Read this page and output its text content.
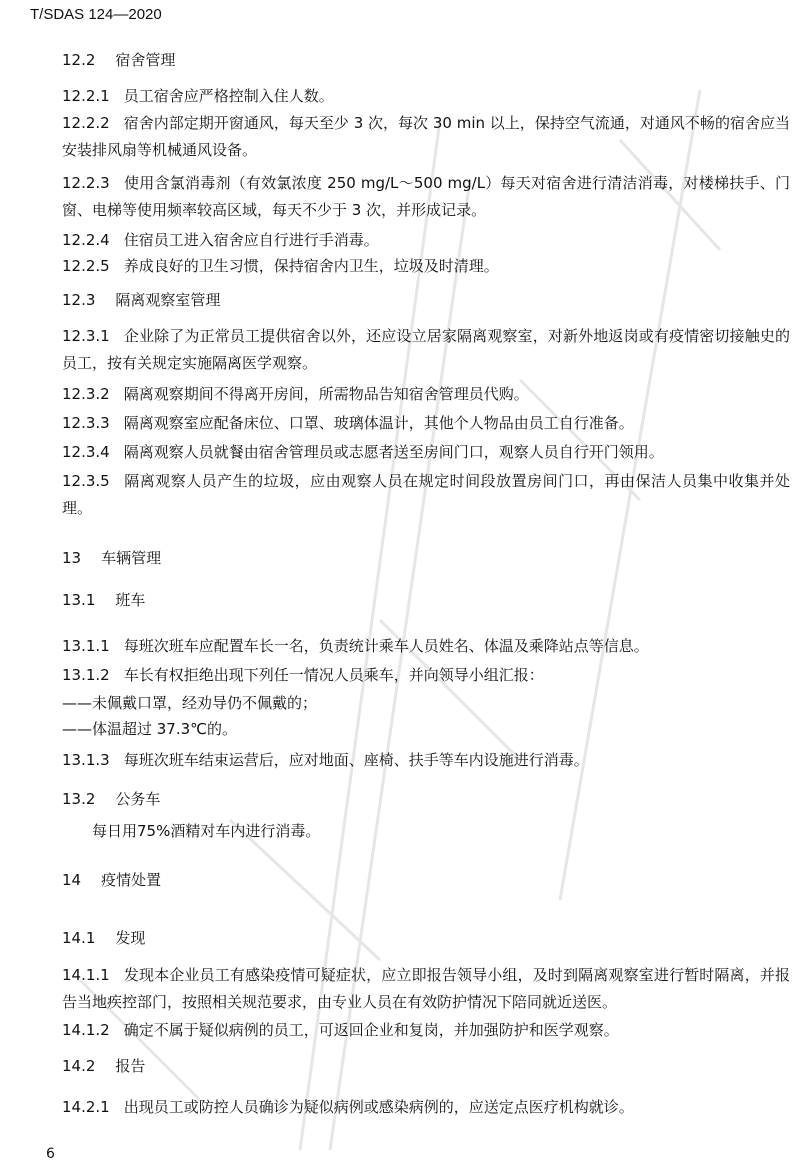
T/SDAS 124—2020
12.2 宿舍管理
12.2.1 员工宿舍应严格控制入住人数。
12.2.2 宿舍内部定期开窗通风，每天至少 3 次，每次 30 min 以上，保持空气流通，对通风不畅的宿舍应当安装排风扇等机械通风设备。
12.2.3 使用含氯消毒剂（有效氯浓度 250 mg/L～500 mg/L）每天对宿舍进行清洁消毒，对楼梯扶手、门窗、电梯等使用频率较高区域，每天不少于 3 次，并形成记录。
12.2.4 住宿员工进入宿舍应自行进行手消毒。
12.2.5 养成良好的卫生习惯，保持宿舍内卫生，垃圾及时清理。
12.3 隔离观察室管理
12.3.1 企业除了为正常员工提供宿舍以外，还应设立居家隔离观察室，对新外地返岗或有疫情密切接触史的员工，按有关规定实施隔离医学观察。
12.3.2 隔离观察期间不得离开房间，所需物品告知宿舍管理员代购。
12.3.3 隔离观察室应配备床位、口罩、玻璃体温计，其他个人物品由员工自行准备。
12.3.4 隔离观察人员就餐由宿舍管理员或志愿者送至房间门口，观察人员自行开门领用。
12.3.5 隔离观察人员产生的垃圾，应由观察人员在规定时间段放置房间门口，再由保洁人员集中收集并处理。
13 车辆管理
13.1 班车
13.1.1 每班次班车应配置车长一名，负责统计乘车人员姓名、体温及乘降站点等信息。
13.1.2 车长有权拒绝出现下列任一情况人员乘车，并向领导小组汇报：
——未佩戴口罩，经劝导仍不佩戴的；
——体温超过 37.3℃的。
13.1.3 每班次班车结束运营后，应对地面、座椅、扶手等车内设施进行消毒。
13.2 公务车
每日用75%酒精对车内进行消毒。
14 疫情处置
14.1 发现
14.1.1 发现本企业员工有感染疫情可疑症状，应立即报告领导小组，及时到隔离观察室进行暂时隔离，并报告当地疾控部门，按照相关规范要求，由专业人员在有效防护情况下陪同就近送医。
14.1.2 确定不属于疑似病例的员工，可返回企业和复岗，并加强防护和医学观察。
14.2 报告
14.2.1 出现员工或防控人员确诊为疑似病例或感染病例的，应送定点医疗机构就诊。
6
